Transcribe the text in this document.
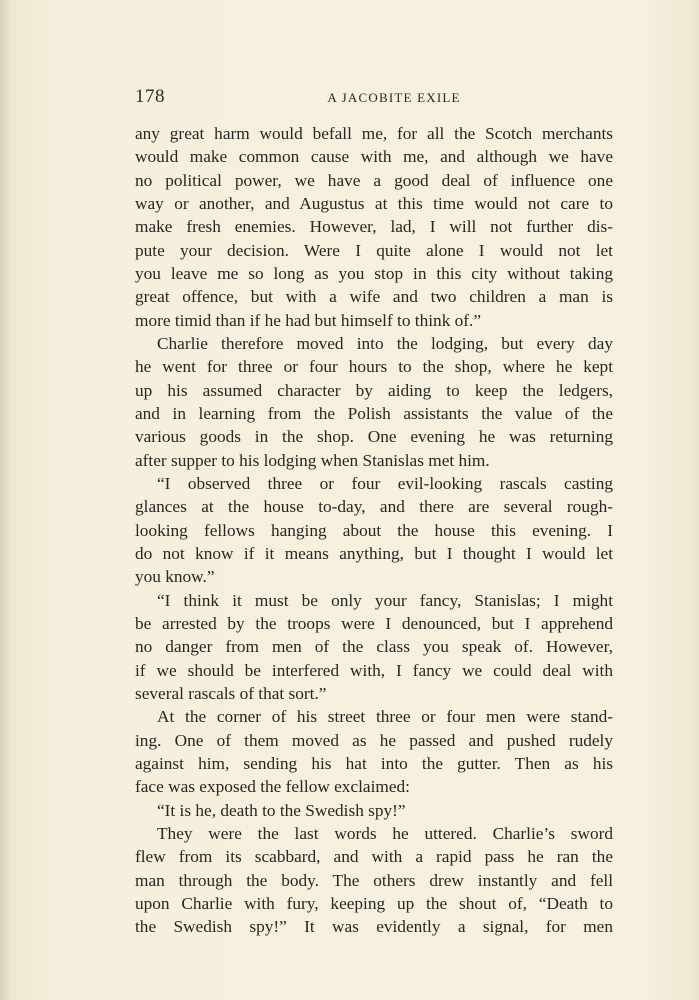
178	A JACOBITE EXILE
any great harm would befall me, for all the Scotch merchants
would make common cause with me, and although we have
no political power, we have a good deal of influence one
way or another, and Augustus at this time would not care to
make fresh enemies. However, lad, I will not further dis-
pute your decision. Were I quite alone I would not let
you leave me so long as you stop in this city without taking
great offence, but with a wife and two children a man is
more timid than if he had but himself to think of.”
Charlie therefore moved into the lodging, but every day
he went for three or four hours to the shop, where he kept
up his assumed character by aiding to keep the ledgers,
and in learning from the Polish assistants the value of the
various goods in the shop. One evening he was returning
after supper to his lodging when Stanislas met him.
“I observed three or four evil-looking rascals casting
glances at the house to-day, and there are several rough-
looking fellows hanging about the house this evening. I
do not know if it means anything, but I thought I would let
you know.”
“I think it must be only your fancy, Stanislas; I might
be arrested by the troops were I denounced, but I apprehend
no danger from men of the class you speak of. However,
if we should be interfered with, I fancy we could deal with
several rascals of that sort.”
At the corner of his street three or four men were stand-
ing. One of them moved as he passed and pushed rudely
against him, sending his hat into the gutter. Then as his
face was exposed the fellow exclaimed:
“It is he, death to the Swedish spy!”
They were the last words he uttered. Charlie’s sword
flew from its scabbard, and with a rapid pass he ran the
man through the body. The others drew instantly and fell
upon Charlie with fury, keeping up the shout of, “Death to
the Swedish spy!” It was evidently a signal, for men
